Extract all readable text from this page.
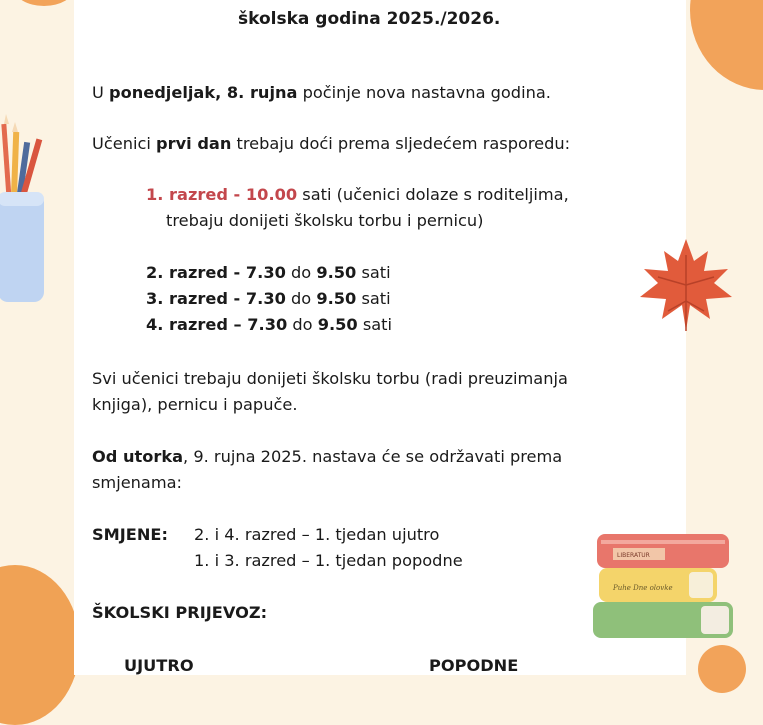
Puhe Dne olovke
LIBERATUR
školska godina 2025./2026.
U ponedjeljak, 8. rujna počinje nova nastavna godina.
Učenici prvi dan trebaju doći prema sljedećem rasporedu:
1. razred - 10.00 sati (učenici dolaze s roditeljima,
trebaju donijeti školsku torbu i pernicu)
2. razred - 7.30 do 9.50 sati
3. razred - 7.30 do 9.50 sati
4. razred – 7.30 do 9.50 sati
Svi učenici trebaju donijeti školsku torbu (radi preuzimanja
knjiga), pernicu i papuče.
Od utorka, 9. rujna 2025. nastava će se održavati prema
smjenama:
SMJENE: 2. i 4. razred – 1. tjedan ujutro
1. i 3. razred – 1. tjedan popodne
ŠKOLSKI PRIJEVOZ:
UJUTRO	POPODNE
